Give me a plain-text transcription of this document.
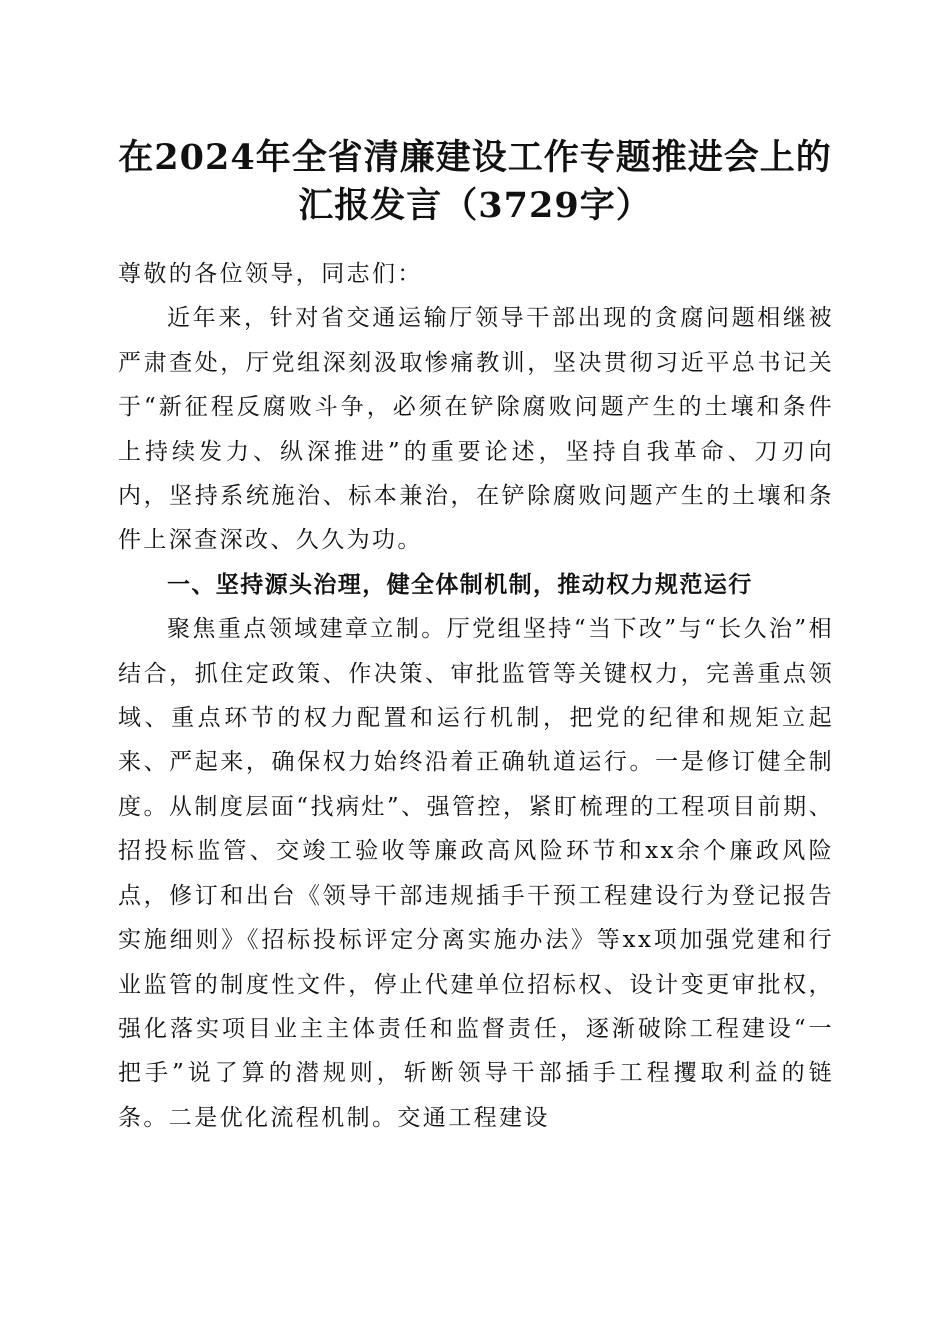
在2024年全省清廉建设工作专题推进会上的
汇报发言（3729字）

尊敬的各位领导，同志们：

近年来，针对省交通运输厅领导干部出现的贪腐问题相继被严肃查处，厅党组深刻汲取惨痛教训，坚决贯彻习近平总书记关于“新征程反腐败斗争，必须在铲除腐败问题产生的土壤和条件上持续发力、纵深推进”的重要论述，坚持自我革命、刀刃向内，坚持系统施治、标本兼治，在铲除腐败问题产生的土壤和条件上深查深改、久久为功。

一、坚持源头治理，健全体制机制，推动权力规范运行

聚焦重点领域建章立制。厅党组坚持“当下改”与“长久治”相结合，抓住定政策、作决策、审批监管等关键权力，完善重点领域、重点环节的权力配置和运行机制，把党的纪律和规矩立起来、严起来，确保权力始终沿着正确轨道运行。一是修订健全制度。从制度层面“找病灶”、强管控，紧盯梳理的工程项目前期、招投标监管、交竣工验收等廉政高风险环节和xx余个廉政风险点，修订和出台《领导干部违规插手干预工程建设行为登记报告实施细则》《招标投标评定分离实施办法》等xx项加强党建和行业监管的制度性文件，停止代建单位招标权、设计变更审批权，强化落实项目业主主体责任和监督责任，逐渐破除工程建设“一把手”说了算的潜规则，斩断领导干部插手工程攫取利益的链条。二是优化流程机制。交通工程建设
